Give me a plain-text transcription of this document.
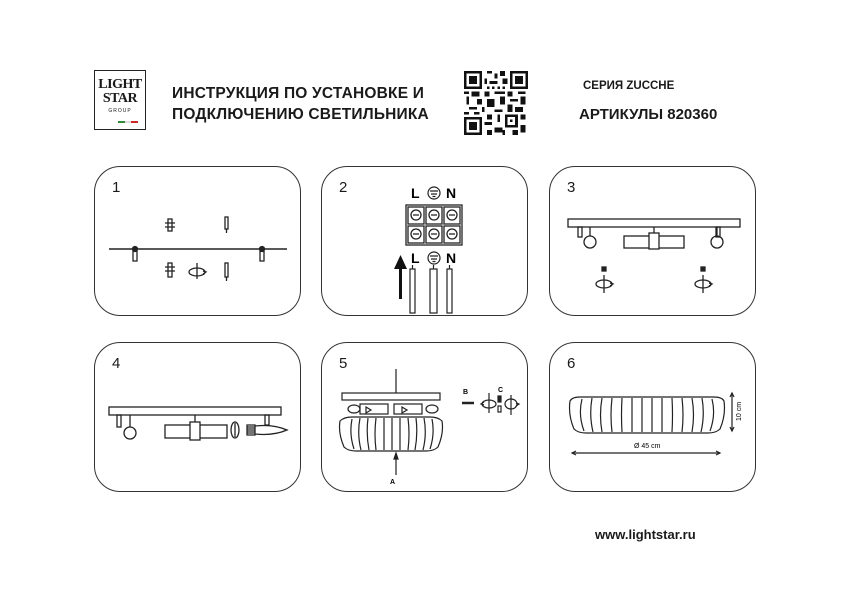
LIGHT
STAR
GROUP
ИНСТРУКЦИЯ ПО УСТАНОВКЕ И
ПОДКЛЮЧЕНИЮ СВЕТИЛЬНИКА
СЕРИЯ ZUCCHE
АРТИКУЛЫ 820360
1	2	L N
L N
3
4	5
A
B	C
6
10 cm
Ø 45 cm
www.lightstar.ru
